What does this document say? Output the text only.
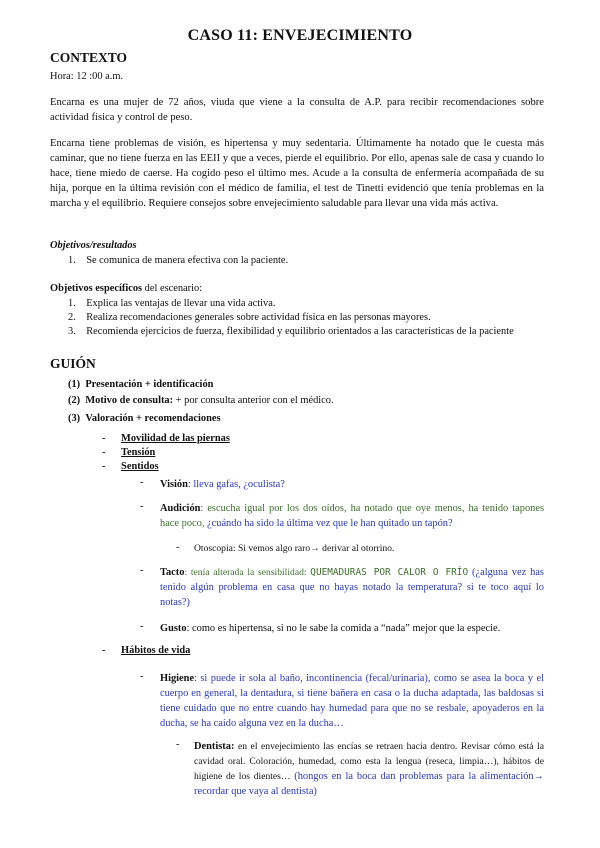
CASO 11: ENVEJECIMIENTO
CONTEXTO
Hora: 12 :00 a.m.
Encarna es una mujer de 72 años, viuda que viene a la consulta de A.P. para recibir recomendaciones sobre actividad física y control de peso.
Encarna tiene problemas de visión, es hipertensa y muy sedentaria. Últimamente ha notado que le cuesta más caminar, que no tiene fuerza en las EEII y que a veces, pierde el equilibrio. Por ello, apenas sale de casa y cuando lo hace, tiene miedo de caerse. Ha cogido peso el último mes. Acude a la consulta de enfermería acompañada de su hija, porque en la última revisión con el médico de familia, el test de Tinetti evidenció que tenía problemas en la marcha y el equilibrio. Requiere consejos sobre envejecimiento saludable para llevar una vida más activa.
Objetivos/resultados
1.    Se comunica de manera efectiva con la paciente.
Objetivos específicos del escenario:
1.    Explica las ventajas de llevar una vida activa.
2.    Realiza recomendaciones generales sobre actividad física en las personas mayores.
3.    Recomienda ejercicios de fuerza, flexibilidad y equilibrio orientados a las características de la paciente
GUIÓN
(1) Presentación + identificación
(2) Motivo de consulta: + por consulta anterior con el médico.
(3) Valoración + recomendaciones
-      Movilidad de las piernas
-      Tensión
-      Sentidos
- Visión: lleva gafas, ¿oculista?
- Audición: escucha igual por los dos oídos, ha notado que oye menos, ha tenido tapones hace poco, ¿cuándo ha sido la última vez que le han quitado un tapón?
- Otoscopia: Si vemos algo raro→ derivar al otorrino.
- Tacto: tenía alterada la sensibilidad: QUEMADURAS POR CALOR O FRÍO (¿alguna vez has tenido algún problema en casa que no hayas notado la temperatura? si te toco aquí lo notas?)
- Gusto: como es hipertensa, si no le sabe la comida a “nada” mejor que la especie.
-      Hábitos de vida
- Higiene: si puede ir sola al baño, incontinencia (fecal/urinaria), como se asea la boca y el cuerpo en general, la dentadura, si tiene bañera en casa o la ducha adaptada, las baldosas si tiene cuidado que no entre cuando hay humedad para que no se resbale, apoyaderos en la ducha, se ha caído alguna vez en la ducha…
- Dentista: en el envejecimiento las encías se retraen hacia dentro. Revisar cómo está la cavidad oral. Coloración, humedad, como esta la lengua (reseca, limpia…), hábitos de higiene de los dientes… (hongos en la boca dan problemas para la alimentación→ recordar que vaya al dentista)
